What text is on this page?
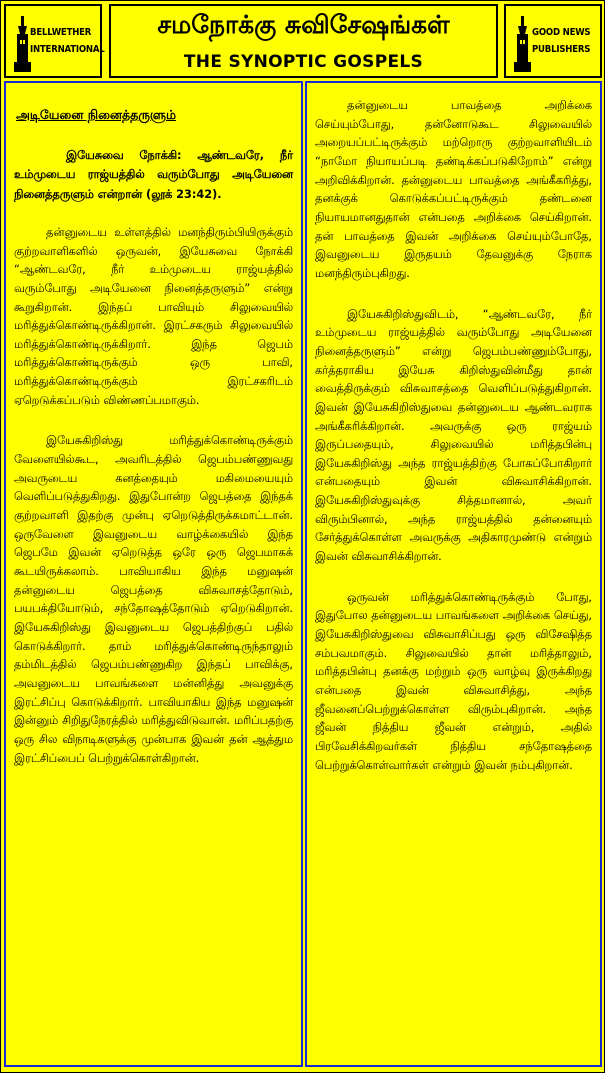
BELLWETHER
INTERNATIONAL
சமநோக்கு சுவிசேஷங்கள்
THE SYNOPTIC GOSPELS
GOOD NEWS
PUBLISHERS
அடியேனை நினைத்தருளும்

இயேசுவை நோக்கி: ஆண்டவரே, நீர் உம்முடைய ராஜ்யத்தில் வரும்போது அடியேனை நினைத்தருளும் என்றான் (லூக் 23:42).

தன்னுடைய உள்ளத்தில் மனந்திரும்பியிருக்கும் குற்றவாளிகளில் ஒருவன், இயேசுவை நோக்கி “ஆண்டவரே, நீர் உம்முடைய ராஜ்யத்தில் வரும்போது அடியேனை நினைத்தருளும்” என்று கூறுகிறான். இந்தப் பாவியும் சிலுவையில் மரித்துக்கொண்டிருக்கிறான். இரட்சகரும் சிலுவையில் மரித்துக்கொண்டிருக்கிறார். இந்த ஜெபம் மரித்துக்கொண்டிருக்கும் ஒரு பாவி, மரித்துக்கொண்டிருக்கும் இரட்சகரிடம் ஏறெடுக்கப்படும் விண்ணப்பமாகும்.

இயேசுகிறிஸ்து மரித்துக்கொண்டிருக்கும் வேளையில்கூட, அவரிடத்தில் ஜெபம்பண்ணுவது அவருடைய கனத்தையும் மகிமையையும் வெளிப்படுத்துகிறது. இதுபோன்ற ஜெபத்தை இந்தக் குற்றவாளி இதற்கு முன்பு ஏறெடுத்திருக்கமாட்டான். ஒருவேளை இவனுடைய வாழ்க்கையில் இந்த ஜெபமே இவன் ஏறெடுத்த ஒரே ஒரு ஜெபமாகக் கூடயிருக்கலாம். பாவியாகிய இந்த மனுஷன் தன்னுடைய ஜெபத்தை விசுவாசத்தோடும், பயபக்தியோடும், சந்தோஷத்தோடும் ஏறெடுகிறான். இயேசுகிறிஸ்து இவனுடைய ஜெபத்திற்குப் பதில் கொடுக்கிறார். தாம் மரித்துக்கொண்டிருந்தாலும் தம்மிடத்தில் ஜெபம்பண்ணுகிற இந்தப் பாவிக்கு, அவனுடைய பாவங்களை மன்னித்து அவனுக்கு இரட்சிப்பு கொடுக்கிறார். பாவியாகிய இந்த மனுஷன் இன்னும் சிறிதுநேரத்தில் மரித்துவிடுவான். மரிப்பதற்கு ஒரு சில விநாடிகளுக்கு முன்பாக இவன் தன் ஆத்தும இரட்சிப்பைப் பெற்றுக்கொள்கிறான்.

தன்னுடைய பாவத்தை அறிக்கை செய்யும்போது, தன்னோடுகூட சிலுவையில் அறையப்பட்டிருக்கும் மற்றொரு குற்றவாளியிடம் “நாமோ நியாயப்படி தண்டிக்கப்படுகிறோம்” என்று அறிவிக்கிறான். தன்னுடைய பாவத்தை அங்கீகரித்து, தனக்குக் கொடுக்கப்பட்டிருக்கும் தண்டனை நியாயமானதுதான் என்பதை அறிக்கை செய்கிறான். தன் பாவத்தை இவன் அறிக்கை செய்யும்போதே, இவனுடைய இருதயம் தேவனுக்கு நேராக மனந்திரும்புகிறது.

இயேசுகிறிஸ்துவிடம், “ஆண்டவரே, நீர் உம்முடைய ராஜ்யத்தில் வரும்போது அடியேனை நினைத்தருளும்” என்று ஜெபம்பண்ணும்போது, கர்த்தராகிய இயேசு கிறிஸ்துவின்மீது தான் வைத்திருக்கும் விசுவாசத்தை வெளிப்படுத்துகிறான். இவன் இயேசுகிறிஸ்துவை தன்னுடைய ஆண்டவராக அங்கீகரிக்கிறான். அவருக்கு ஒரு ராஜ்யம் இருப்பதையும், சிலுவையில் மரித்தபின்பு இயேசுகிறிஸ்து அந்த ராஜ்யத்திற்கு போகப்போகிறார் என்பதையும் இவன் விசுவாசிக்கிறான். இயேசுகிறிஸ்துவுக்கு சித்தமானால், அவர் விரும்பினால், அந்த ராஜ்யத்தில் தன்னையும் சேர்த்துக்கொள்ள அவருக்கு அதிகாரமுண்டு என்றும் இவன் விசுவாசிக்கிறான்.

ஒருவன் மரித்துக்கொண்டிருக்கும் போது, இதுபோல தன்னுடைய பாவங்களை அறிக்கை செய்து, இயேசுகிறிஸ்துவை விசுவாசிப்பது ஒரு விசேஷித்த சம்பவமாகும். சிலுவையில் தான் மரித்தாலும், மரித்தபின்பு தனக்கு மற்றும் ஒரு வாழ்வு இருக்கிறது என்பதை இவன் விசுவாசித்து, அந்த ஜீவனைப்பெற்றுக்கொள்ள விரும்புகிறான். அந்த ஜீவன் நித்திய ஜீவன் என்றும், அதில் பிரவேசிக்கிறவர்கள் நித்திய சந்தோஷத்தை பெற்றுக்கொள்வார்கள் என்றும் இவன் நம்புகிறான்.
